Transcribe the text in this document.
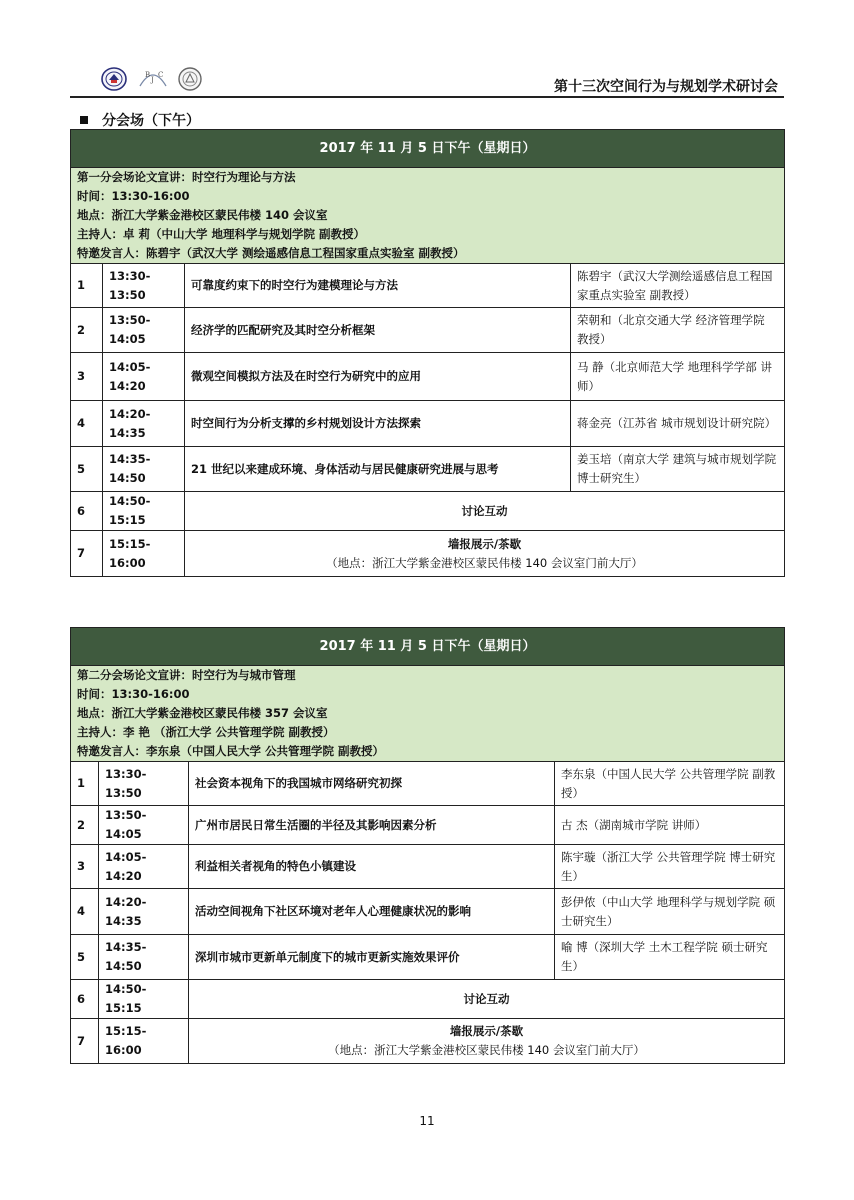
B
J
C
第十三次空间行为与规划学术研讨会
分会场（下午）
2017 年 11 月 5 日下午（星期日）			

第一分会场论文宣讲：时空行为理论与方法
时间：13:30-16:00
地点：浙江大学紫金港校区蒙民伟楼 140 会议室
主持人：卓 莉（中山大学 地理科学与规划学院 副教授）
特邀发言人：陈碧宇（武汉大学 测绘遥感信息工程国家重点实验室 副教授）			

1	13:30-13:50	可靠度约束下的时空行为建模理论与方法	陈碧宇（武汉大学测绘遥感信息工程国家重点实验室 副教授）
2	13:50-14:05	经济学的匹配研究及其时空分析框架	荣朝和（北京交通大学 经济管理学院 教授）
3	14:05-14:20	微观空间模拟方法及在时空行为研究中的应用	马 静（北京师范大学 地理科学学部 讲师）
4	14:20-14:35	时空间行为分析支撑的乡村规划设计方法探索	蒋金亮（江苏省 城市规划设计研究院）
5	14:35-14:50	21 世纪以来建成环境、身体活动与居民健康研究进展与思考	姜玉培（南京大学 建筑与城市规划学院 博士研究生）
6	14:50-15:15	讨论互动	
7	15:15-16:00	墙报展示/茶歇
（地点：浙江大学紫金港校区蒙民伟楼 140 会议室门前大厅）	
2017 年 11 月 5 日下午（星期日）			

第二分会场论文宣讲：时空行为与城市管理
时间：13:30-16:00
地点：浙江大学紫金港校区蒙民伟楼 357 会议室
主持人：李 艳 （浙江大学 公共管理学院 副教授）
特邀发言人：李东泉（中国人民大学 公共管理学院 副教授）			

1	13:30-13:50	社会资本视角下的我国城市网络研究初探	李东泉（中国人民大学 公共管理学院 副教授）
2	13:50-14:05	广州市居民日常生活圈的半径及其影响因素分析	古 杰（湖南城市学院 讲师）
3	14:05-14:20	利益相关者视角的特色小镇建设	陈宇璇（浙江大学 公共管理学院 博士研究生）
4	14:20-14:35	活动空间视角下社区环境对老年人心理健康状况的影响	彭伊侬（中山大学 地理科学与规划学院 硕士研究生）
5	14:35-14:50	深圳市城市更新单元制度下的城市更新实施效果评价	喻 博（深圳大学 土木工程学院 硕士研究生）
6	14:50-15:15	讨论互动	
7	15:15-16:00	墙报展示/茶歇
（地点：浙江大学紫金港校区蒙民伟楼 140 会议室门前大厅）	
11
